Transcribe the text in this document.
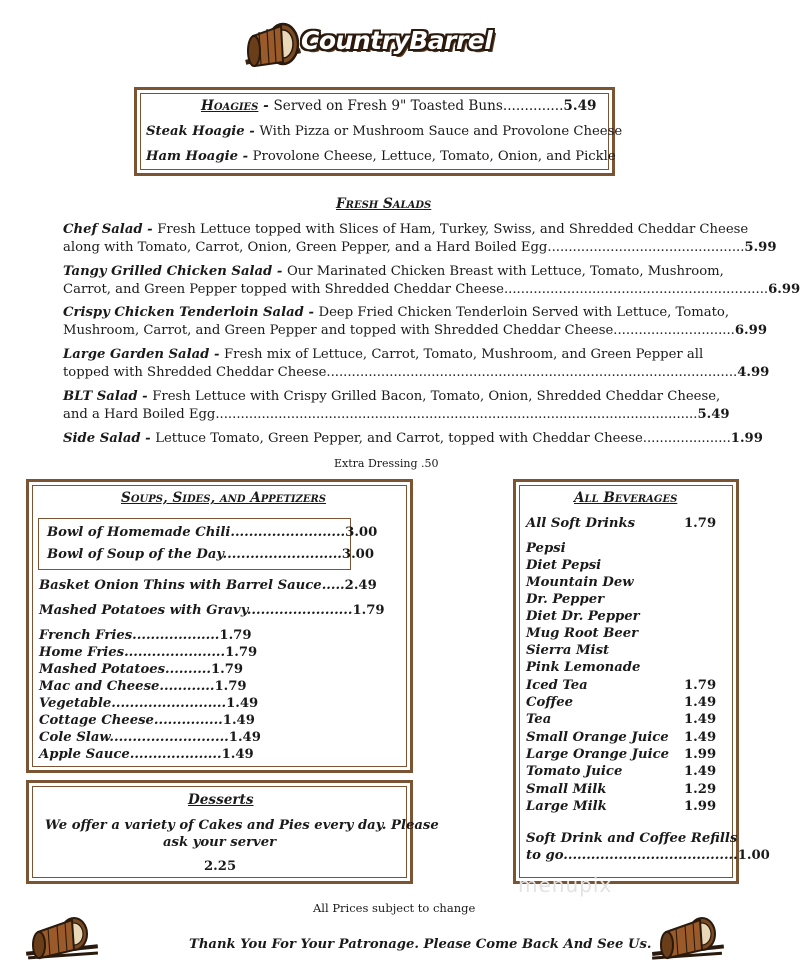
CountryBarrel
Hoagies - Served on Fresh 9" Toasted Buns..............5.49
Steak Hoagie - With Pizza or Mushroom Sauce and Provolone Cheese
Ham Hoagie - Provolone Cheese, Lettuce, Tomato, Onion, and Pickle
Fresh Salads
Chef Salad - Fresh Lettuce topped with Slices of Ham, Turkey, Swiss, and Shredded Cheddar Cheese
along with Tomato, Carrot, Onion, Green Pepper, and a Hard Boiled Egg...............................................5.99
Tangy Grilled Chicken Salad - Our Marinated Chicken Breast with Lettuce, Tomato, Mushroom,
Carrot, and Green Pepper topped with Shredded Cheddar Cheese...............................................................6.99
Crispy Chicken Tenderloin Salad - Deep Fried Chicken Tenderloin Served with Lettuce, Tomato,
Mushroom, Carrot, and Green Pepper and topped with Shredded Cheddar Cheese.............................6.99
Large Garden Salad - Fresh mix of Lettuce, Carrot, Tomato, Mushroom, and Green Pepper all
topped with Shredded Cheddar Cheese..................................................................................................4.99
BLT Salad - Fresh Lettuce with Crispy Grilled Bacon, Tomato, Onion, Shredded Cheddar Cheese,
and a Hard Boiled Egg...................................................................................................................5.49
Side Salad - Lettuce Tomato, Green Pepper, and Carrot, topped with Cheddar Cheese.....................1.99
Extra Dressing .50
Soups, Sides, and Appetizers
Bowl of Homemade Chili.........................3.00
Bowl of Soup of the Day..........................3.00
Basket Onion Thins with Barrel Sauce.....2.49
Mashed Potatoes with Gravy.......................1.79
French Fries...................1.79
Home Fries......................1.79
Mashed Potatoes..........1.79
Mac and Cheese............1.79
Vegetable.........................1.49
Cottage Cheese...............1.49
Cole Slaw..........................1.49
Apple Sauce....................1.49
Desserts
We offer a variety of Cakes and Pies every day. Please
ask your server
2.25
All Beverages
All Soft Drinks	1.79
Pepsi
Diet Pepsi
Mountain Dew
Dr. Pepper
Diet Dr. Pepper
Mug Root Beer
Sierra Mist
Pink Lemonade
Iced Tea	1.79
Coffee	1.49
Tea	1.49
Small Orange Juice 1.49
Large Orange Juice 1.99
Tomato Juice	1.49
Small Milk	1.29
Large Milk	1.99
Soft Drink and Coffee Refills
to go......................................1.00
menupix
All Prices subject to change
Thank You For Your Patronage. Please Come Back And See Us.
